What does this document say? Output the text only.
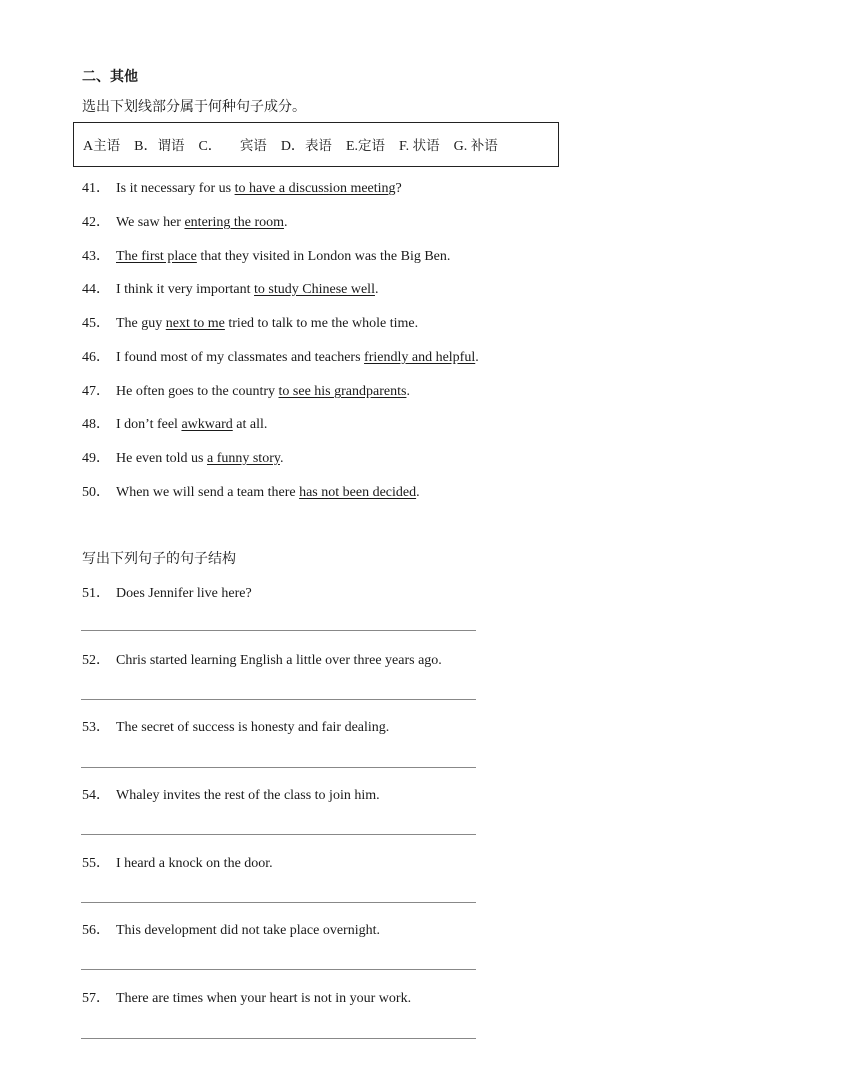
二、其他
选出下划线部分属于何种句子成分。
A主语 B．谓语 C． 宾语 D．表语 E.定语 F. 状语 G. 补语
41． Is it necessary for us to have a discussion meeting?
42． We saw her entering the room.
43． The first place that they visited in London was the Big Ben.
44． I think it very important to study Chinese well.
45． The guy next to me tried to talk to me the whole time.
46． I found most of my classmates and teachers friendly and helpful.
47． He often goes to the country to see his grandparents.
48． I don’t feel awkward at all.
49． He even told us a funny story.
50． When we will send a team there has not been decided.
写出下列句子的句子结构
51． Does Jennifer live here?
52． Chris started learning English a little over three years ago.
53． The secret of success is honesty and fair dealing.
54． Whaley invites the rest of the class to join him.
55． I heard a knock on the door.
56． This development did not take place overnight.
57． There are times when your heart is not in your work.
